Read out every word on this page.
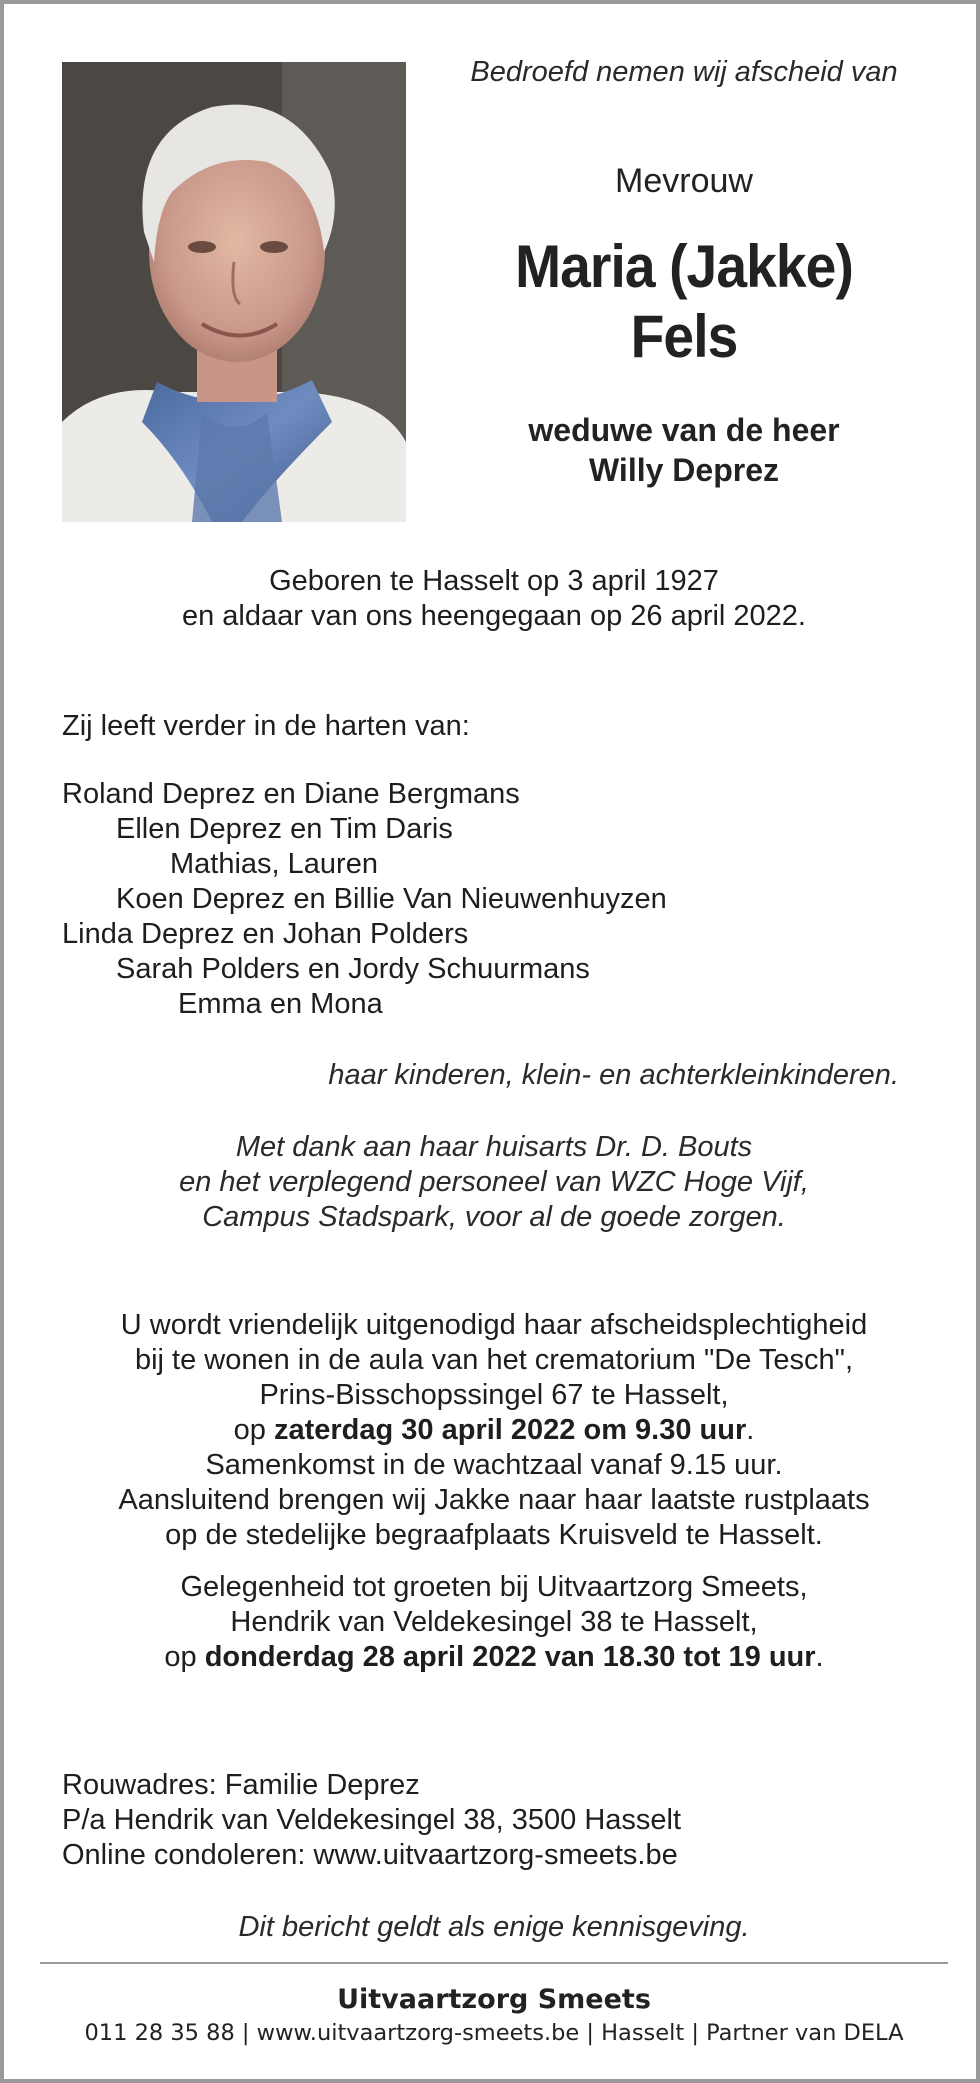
Bedroefd nemen wij afscheid van
Mevrouw
Maria (Jakke)
Fels
weduwe van de heer
Willy Deprez
Geboren te Hasselt op 3 april 1927
en aldaar van ons heengegaan op 26 april 2022.
Zij leeft verder in de harten van:
Roland Deprez en Diane Bergmans
Ellen Deprez en Tim Daris
Mathias, Lauren
Koen Deprez en Billie Van Nieuwenhuyzen
Linda Deprez en Johan Polders
Sarah Polders en Jordy Schuurmans
Emma en Mona
haar kinderen, klein- en achterkleinkinderen.
Met dank aan haar huisarts Dr. D. Bouts
en het verplegend personeel van WZC Hoge Vijf,
Campus Stadspark, voor al de goede zorgen.
U wordt vriendelijk uitgenodigd haar afscheidsplechtigheid
bij te wonen in de aula van het crematorium "De Tesch",
Prins-Bisschopssingel 67 te Hasselt,
op zaterdag 30 april 2022 om 9.30 uur.
Samenkomst in de wachtzaal vanaf 9.15 uur.
Aansluitend brengen wij Jakke naar haar laatste rustplaats
op de stedelijke begraafplaats Kruisveld te Hasselt.
Gelegenheid tot groeten bij Uitvaartzorg Smeets,
Hendrik van Veldekesingel 38 te Hasselt,
op donderdag 28 april 2022 van 18.30 tot 19 uur.
Rouwadres: Familie Deprez
P/a Hendrik van Veldekesingel 38, 3500 Hasselt
Online condoleren: www.uitvaartzorg-smeets.be
Dit bericht geldt als enige kennisgeving.
Uitvaartzorg Smeets
011 28 35 88 | www.uitvaartzorg-smeets.be | Hasselt | Partner van DELA
